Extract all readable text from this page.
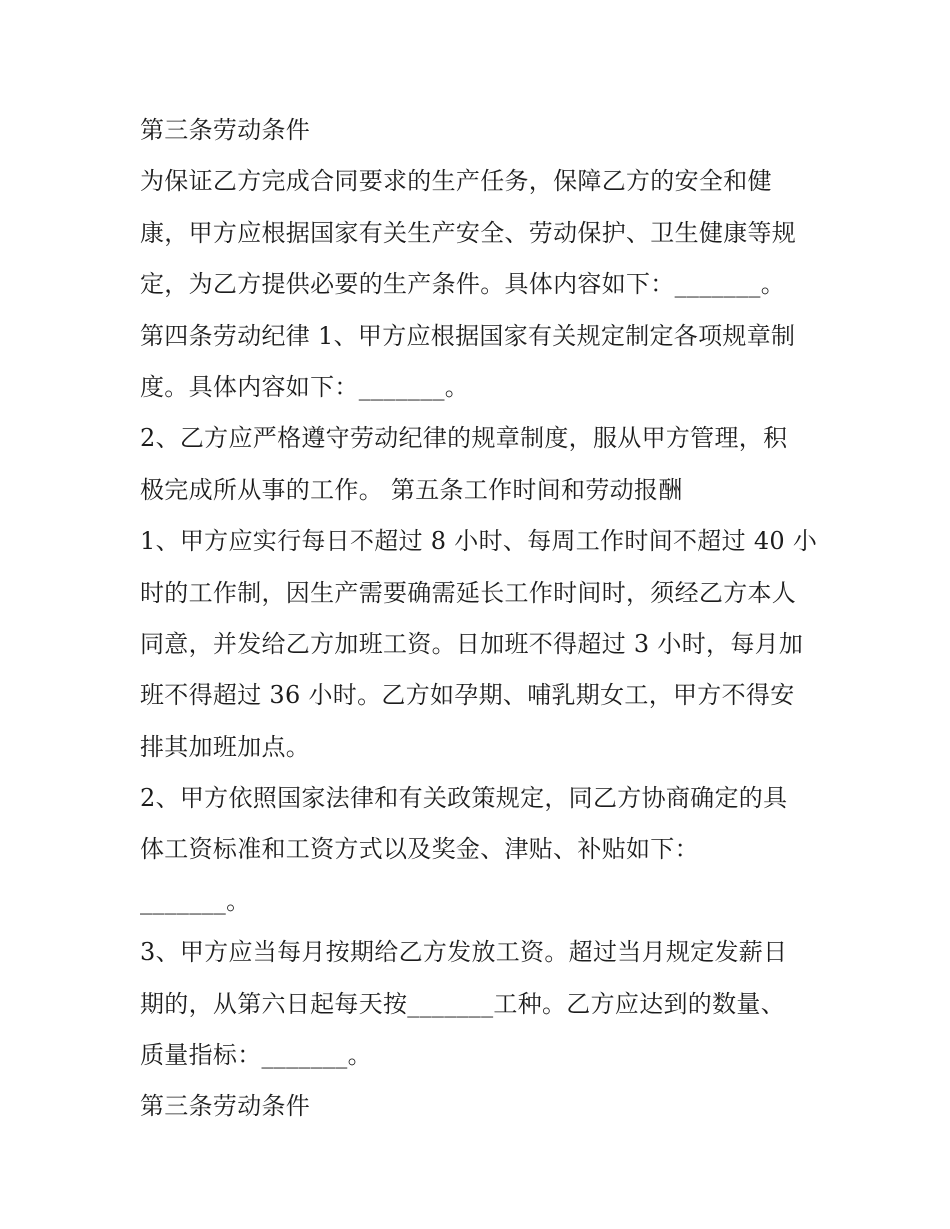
第三条劳动条件
为保证乙方完成合同要求的生产任务，保障乙方的安全和健
康，甲方应根据国家有关生产安全、劳动保护、卫生健康等规
定，为乙方提供必要的生产条件。具体内容如下：_______。
第四条劳动纪律 1、甲方应根据国家有关规定制定各项规章制
度。具体内容如下：_______。
2、乙方应严格遵守劳动纪律的规章制度，服从甲方管理，积
极完成所从事的工作。 第五条工作时间和劳动报酬
1、甲方应实行每日不超过 8 小时、每周工作时间不超过 40 小
时的工作制，因生产需要确需延长工作时间时，须经乙方本人
同意，并发给乙方加班工资。日加班不得超过 3 小时，每月加
班不得超过 36 小时。乙方如孕期、哺乳期女工，甲方不得安
排其加班加点。
2、甲方依照国家法律和有关政策规定，同乙方协商确定的具
体工资标准和工资方式以及奖金、津贴、补贴如下：
_______。
3、甲方应当每月按期给乙方发放工资。超过当月规定发薪日
期的，从第六日起每天按_______工种。乙方应达到的数量、
质量指标：_______。
第三条劳动条件
